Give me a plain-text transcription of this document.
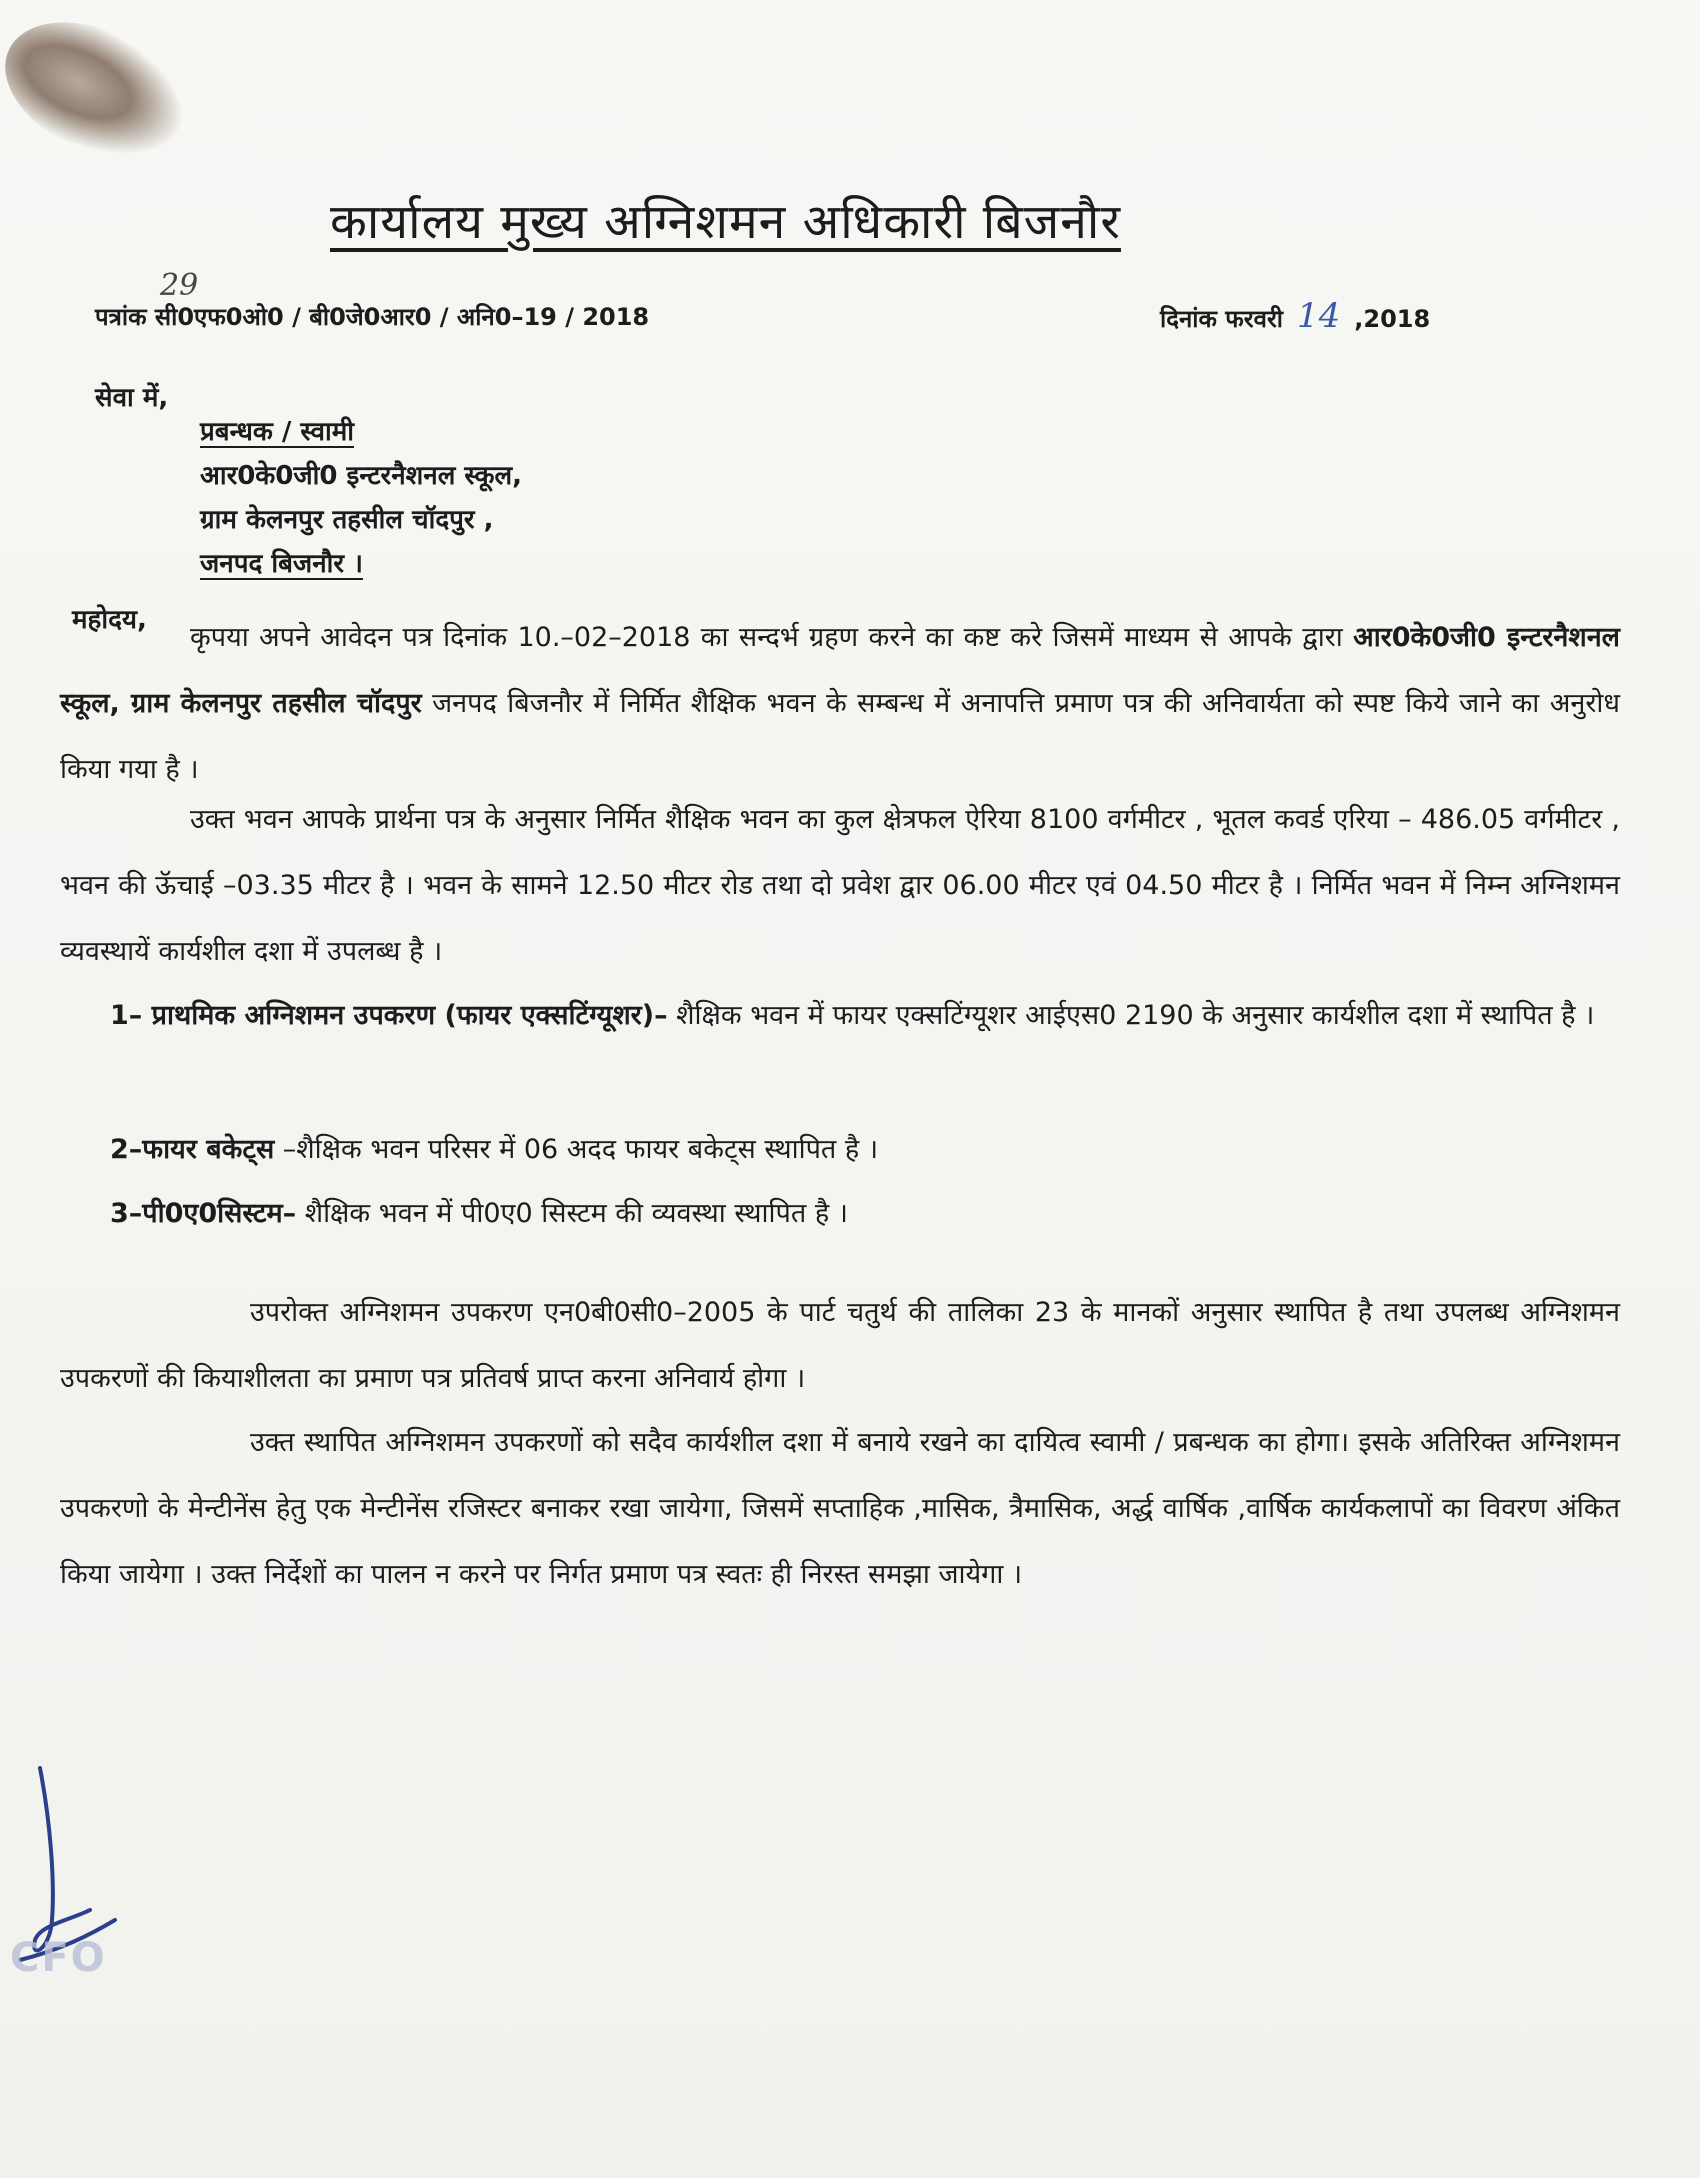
कार्यालय मुख्य अग्निशमन अधिकारी बिजनौर
29
पत्रांक सी0एफ0ओ0 / बी0जे0आर0 / अनि0–19 / 2018	दिनांक फरवरी 14 ,2018
सेवा में,
प्रबन्धक / स्वामी
आर0के0जी0 इन्टरनैशनल स्कूल,
ग्राम केलनपुर तहसील चॉदपुर ,
जनपद बिजनौर ।
महोदय,
कृपया अपने आवेदन पत्र दिनांक 10.–02–2018 का सन्दर्भ ग्रहण करने का कष्ट करे जिसमें माध्यम से आपके द्वारा आर0के0जी0 इन्टरनैशनल स्कूल, ग्राम केलनपुर तहसील चॉदपुर जनपद बिजनौर में निर्मित शैक्षिक भवन के सम्बन्ध में अनापत्ति प्रमाण पत्र की अनिवार्यता को स्पष्ट किये जाने का अनुरोध किया गया है ।
उक्त भवन आपके प्रार्थना पत्र के अनुसार निर्मित शैक्षिक भवन का कुल क्षेत्रफल ऐरिया 8100 वर्गमीटर , भूतल कवर्ड एरिया – 486.05 वर्गमीटर , भवन की ऊॅचाई –03.35 मीटर है । भवन के सामने 12.50 मीटर रोड तथा दो प्रवेश द्वार 06.00 मीटर एवं 04.50 मीटर है । निर्मित भवन में निम्न अग्निशमन व्यवस्थायें कार्यशील दशा में उपलब्ध है ।
1– प्राथमिक अग्निशमन उपकरण (फायर एक्सटिंग्यूशर)– शैक्षिक भवन में फायर एक्सटिंग्यूशर आईएस0 2190 के अनुसार कार्यशील दशा में स्थापित है ।
2–फायर बकेट्स –शैक्षिक भवन परिसर में 06 अदद फायर बकेट्स स्थापित है ।
3–पी0ए0सिस्टम– शैक्षिक भवन में पी0ए0 सिस्टम की व्यवस्था स्थापित है ।
उपरोक्त अग्निशमन उपकरण एन0बी0सी0–2005 के पार्ट चतुर्थ की तालिका 23 के मानकों अनुसार स्थापित है तथा उपलब्ध अग्निशमन उपकरणों की कियाशीलता का प्रमाण पत्र प्रतिवर्ष प्राप्त करना अनिवार्य होगा ।
उक्त स्थापित अग्निशमन उपकरणों को सदैव कार्यशील दशा में बनाये रखने का दायित्व स्वामी / प्रबन्धक का होगा। इसके अतिरिक्त अग्निशमन उपकरणो के मेन्टीनेंस हेतु एक मेन्टीनेंस रजिस्टर बनाकर रखा जायेगा, जिसमें सप्ताहिक ,मासिक, त्रैमासिक, अर्द्ध वार्षिक ,वार्षिक कार्यकलापों का विवरण अंकित किया जायेगा । उक्त निर्देशों का पालन न करने पर निर्गत प्रमाण पत्र स्वतः ही निरस्त समझा जायेगा ।
CFO
